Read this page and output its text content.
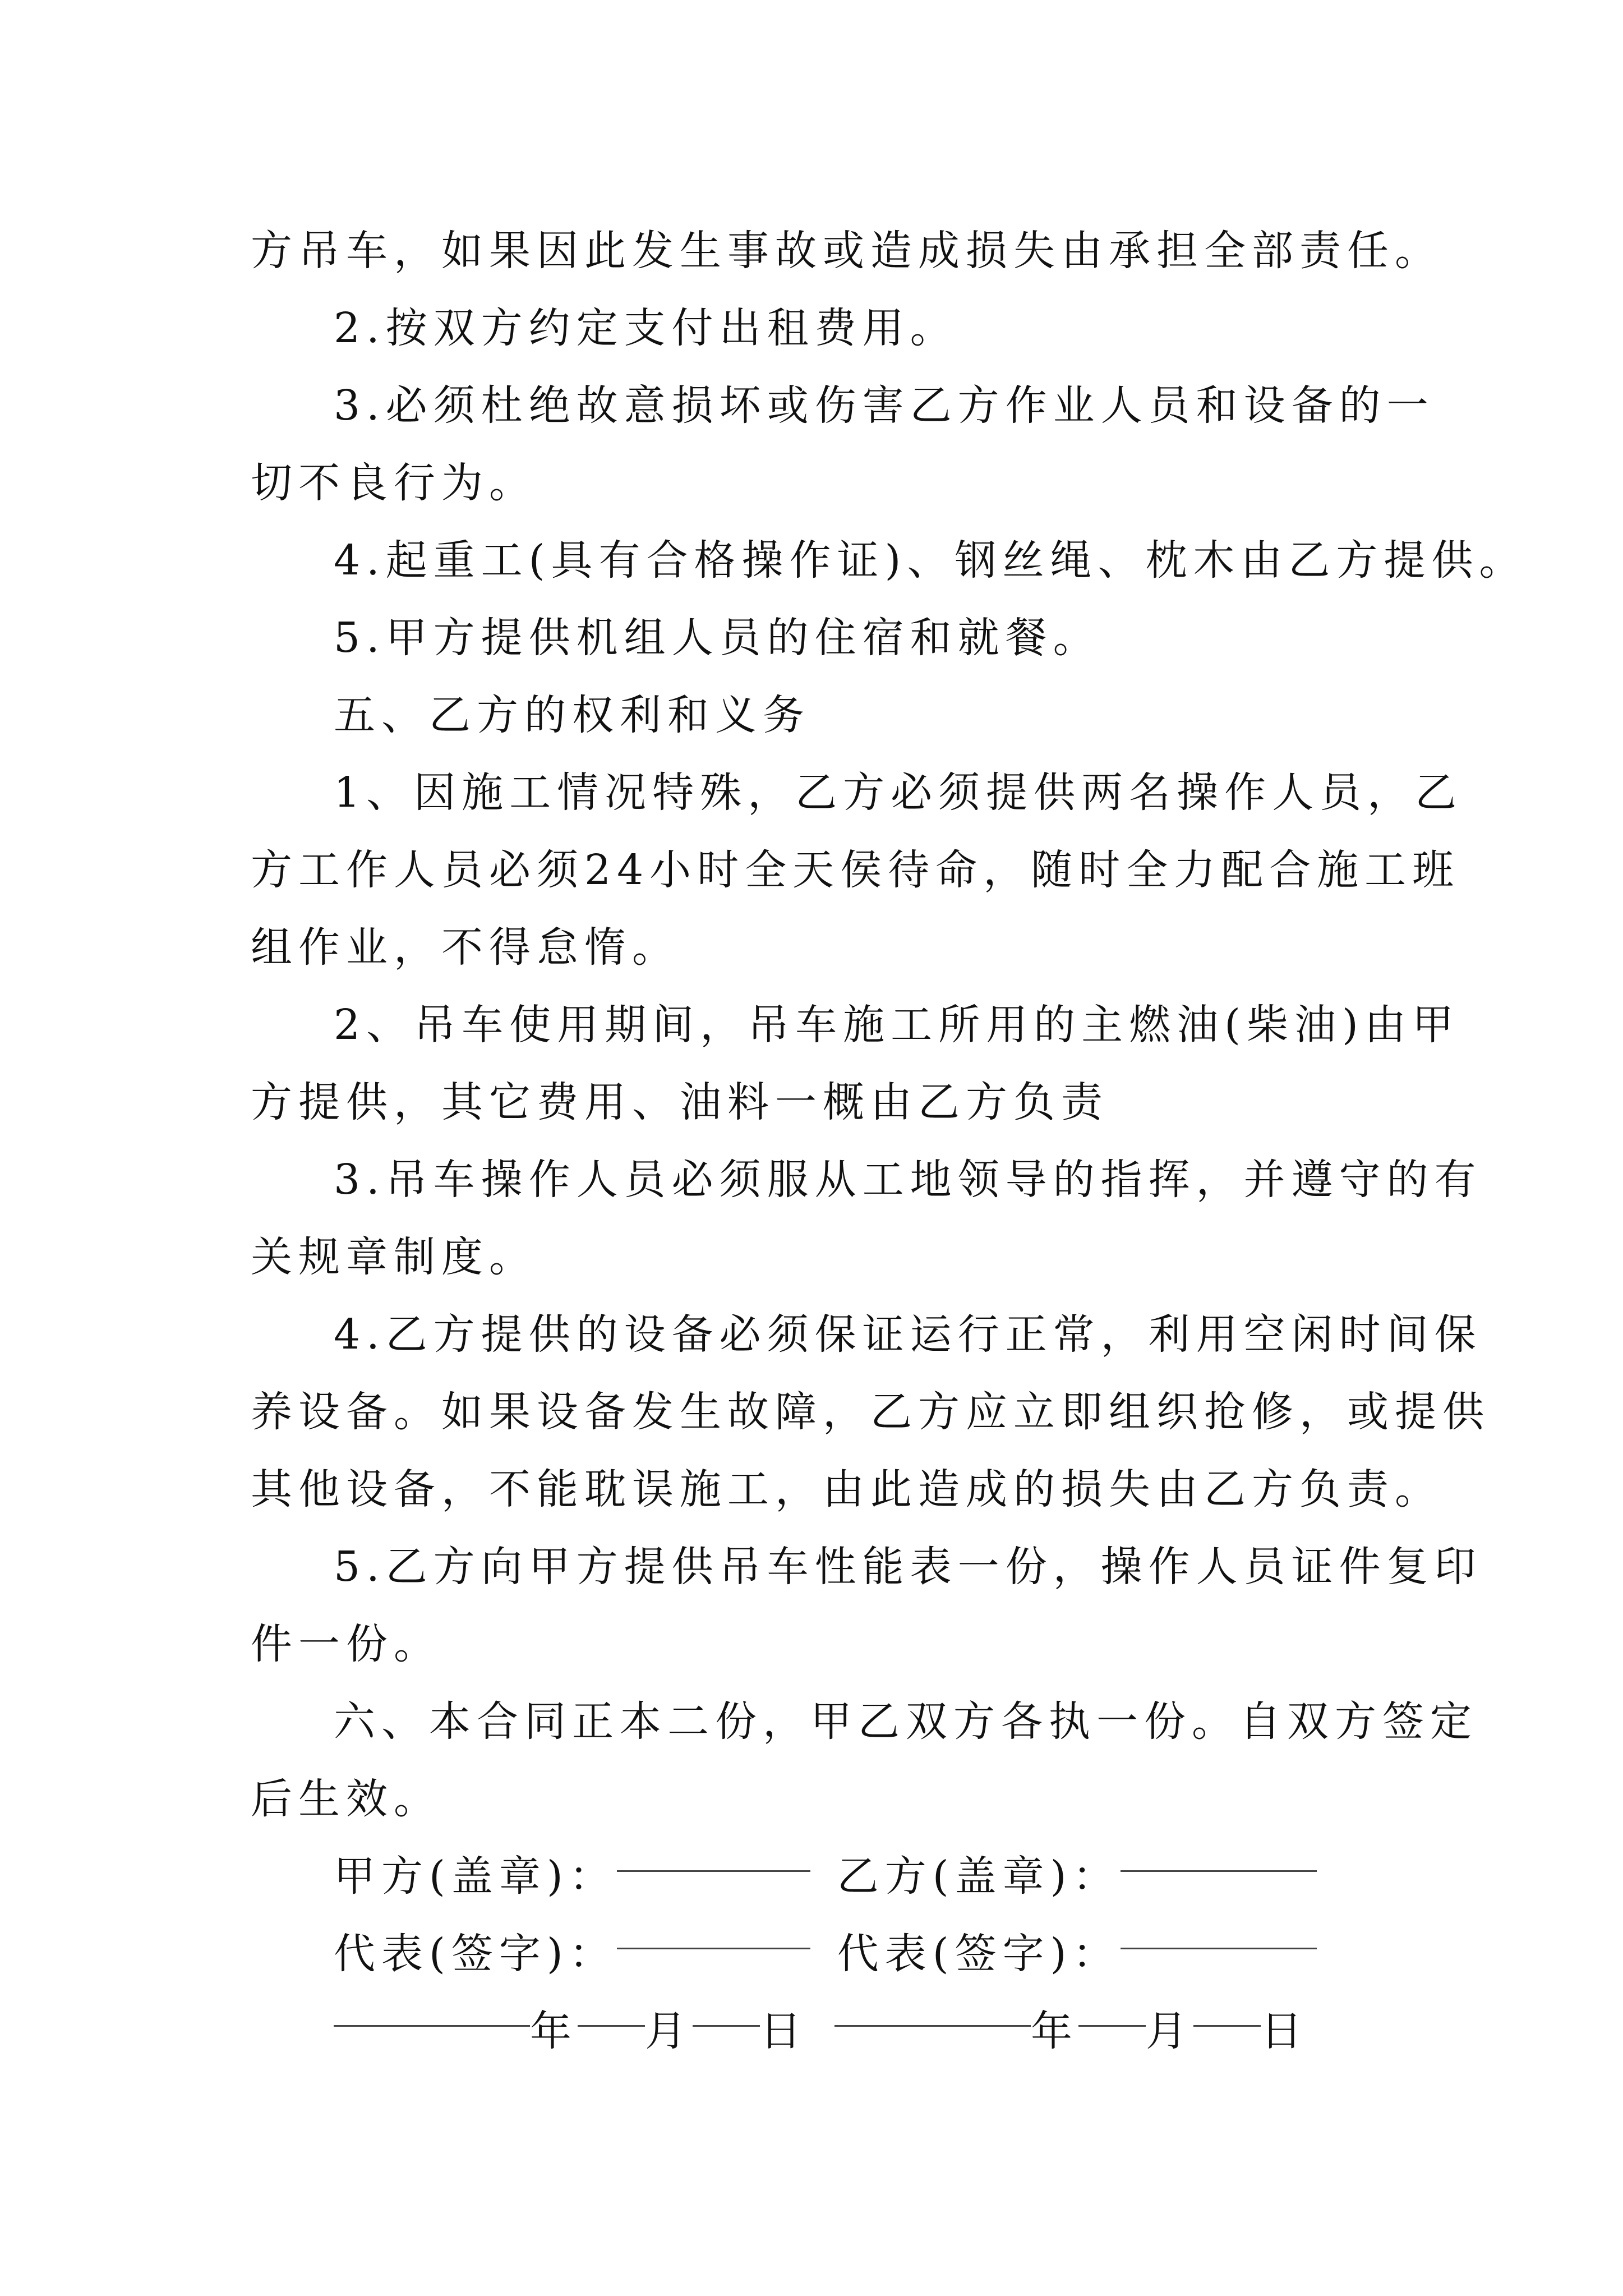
方吊车，如果因此发生事故或造成损失由承担全部责任。
2.按双方约定支付出租费用。
3.必须杜绝故意损坏或伤害乙方作业人员和设备的一
切不良行为。
4.起重工(具有合格操作证)、钢丝绳、枕木由乙方提供。
5.甲方提供机组人员的住宿和就餐。
五、乙方的权利和义务
1、因施工情况特殊，乙方必须提供两名操作人员，乙
方工作人员必须24小时全天侯待命，随时全力配合施工班
组作业，不得怠惰。
2、吊车使用期间，吊车施工所用的主燃油(柴油)由甲
方提供，其它费用、油料一概由乙方负责
3.吊车操作人员必须服从工地领导的指挥，并遵守的有
关规章制度。
4.乙方提供的设备必须保证运行正常，利用空闲时间保
养设备。如果设备发生故障，乙方应立即组织抢修，或提供
其他设备，不能耽误施工，由此造成的损失由乙方负责。
5.乙方向甲方提供吊车性能表一份，操作人员证件复印
件一份。
六、本合同正本二份，甲乙双方各执一份。自双方签定
后生效。
甲方(盖章)：	乙方(盖章)：
代表(签字)：	代表(签字)：
年 月 日	年 月 日
